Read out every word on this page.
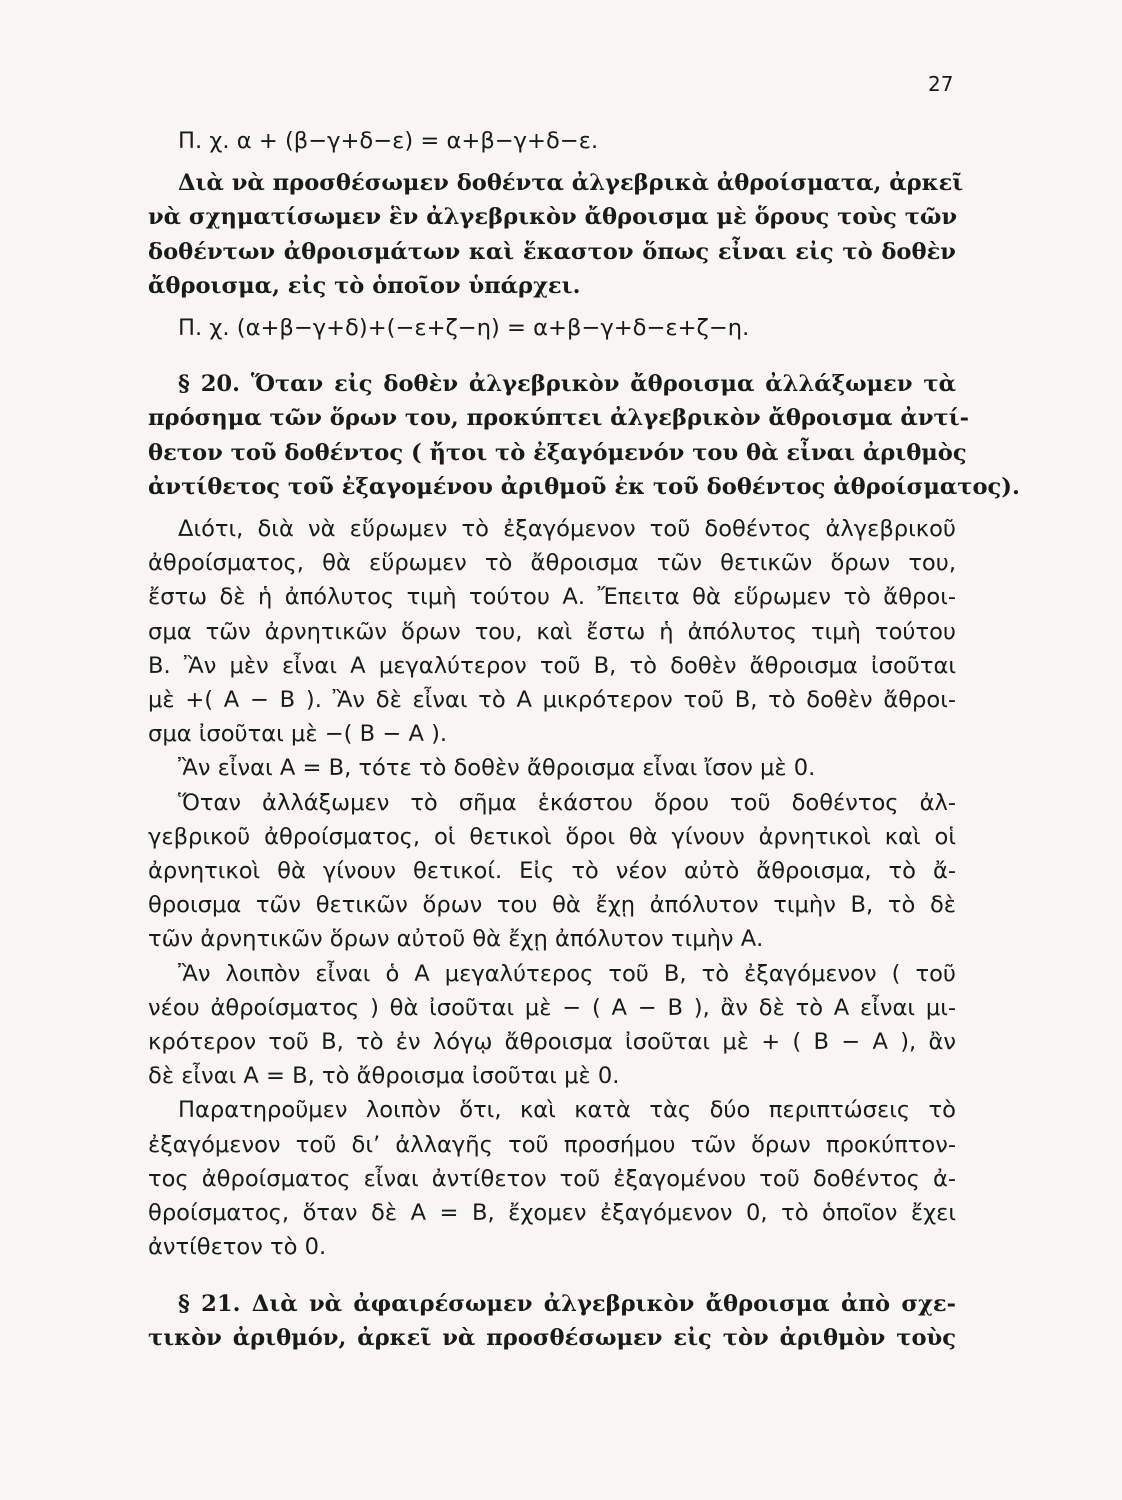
27
Π. χ. α + (β−γ+δ−ε) = α+β−γ+δ−ε.
Διὰ νὰ προσθέσωμεν δοθέντα ἀλγεβρικὰ ἀθροίσματα, ἀρκεῖ
νὰ σχηματίσωμεν ἓν ἀλγεβρικὸν ἄθροισμα μὲ ὅρους τοὺς τῶν
δοθέντων ἀθροισμάτων καὶ ἕκαστον ὅπως εἶναι εἰς τὸ δοθὲν
ἄθροισμα, εἰς τὸ ὁποῖον ὑπάρχει.
Π. χ. (α+β−γ+δ)+(−ε+ζ−η) = α+β−γ+δ−ε+ζ−η.
§ 20. Ὅταν εἰς δοθὲν ἀλγεβρικὸν ἄθροισμα ἀλλάξωμεν τὰ
πρόσημα τῶν ὅρων του, προκύπτει ἀλγεβρικὸν ἄθροισμα ἀντί-
θετον τοῦ δοθέντος ( ἤτοι τὸ ἐξαγόμενόν του θὰ εἶναι ἀριθμὸς
ἀντίθετος τοῦ ἐξαγομένου ἀριθμοῦ ἐκ τοῦ δοθέντος ἀθροίσματος).
Διότι, διὰ νὰ εὕρωμεν τὸ ἐξαγόμενον τοῦ δοθέντος ἀλγεβρικοῦ
ἀθροίσματος, θὰ εὕρωμεν τὸ ἄθροισμα τῶν θετικῶν ὅρων του,
ἔστω δὲ ἡ ἀπόλυτος τιμὴ τούτου Α. Ἔπειτα θὰ εὕρωμεν τὸ ἄθροι-
σμα τῶν ἀρνητικῶν ὅρων του, καὶ ἔστω ἡ ἀπόλυτος τιμὴ τούτου
Β. Ἂν μὲν εἶναι Α μεγαλύτερον τοῦ Β, τὸ δοθὲν ἄθροισμα ἰσοῦται
μὲ +( Α − Β ). Ἂν δὲ εἶναι τὸ Α μικρότερον τοῦ Β, τὸ δοθὲν ἄθροι-
σμα ἰσοῦται μὲ −( Β − Α ).
Ἂν εἶναι Α = Β, τότε τὸ δοθὲν ἄθροισμα εἶναι ἴσον μὲ 0.
Ὅταν ἀλλάξωμεν τὸ σῆμα ἑκάστου ὅρου τοῦ δοθέντος ἀλ-
γεβρικοῦ ἀθροίσματος, οἱ θετικοὶ ὅροι θὰ γίνουν ἀρνητικοὶ καὶ οἱ
ἀρνητικοὶ θὰ γίνουν θετικοί. Εἰς τὸ νέον αὐτὸ ἄθροισμα, τὸ ἄ-
θροισμα τῶν θετικῶν ὅρων του θὰ ἔχῃ ἀπόλυτον τιμὴν Β, τὸ δὲ
τῶν ἀρνητικῶν ὅρων αὐτοῦ θὰ ἔχῃ ἀπόλυτον τιμὴν Α.
Ἂν λοιπὸν εἶναι ὁ Α μεγαλύτερος τοῦ Β, τὸ ἐξαγόμενον ( τοῦ
νέου ἀθροίσματος ) θὰ ἰσοῦται μὲ − ( Α − Β ), ἂν δὲ τὸ Α εἶναι μι-
κρότερον τοῦ Β, τὸ ἐν λόγῳ ἄθροισμα ἰσοῦται μὲ + ( Β − Α ), ἂν
δὲ εἶναι Α = Β, τὸ ἄθροισμα ἰσοῦται μὲ 0.
Παρατηροῦμεν λοιπὸν ὅτι, καὶ κατὰ τὰς δύο περιπτώσεις τὸ
ἐξαγόμενον τοῦ δι’ ἀλλαγῆς τοῦ προσήμου τῶν ὅρων προκύπτον-
τος ἀθροίσματος εἶναι ἀντίθετον τοῦ ἐξαγομένου τοῦ δοθέντος ἀ-
θροίσματος, ὅταν δὲ Α = Β, ἔχομεν ἐξαγόμενον 0, τὸ ὁποῖον ἔχει
ἀντίθετον τὸ 0.
§ 21. Διὰ νὰ ἀφαιρέσωμεν ἀλγεβρικὸν ἄθροισμα ἀπὸ σχε-
τικὸν ἀριθμόν, ἀρκεῖ νὰ προσθέσωμεν εἰς τὸν ἀριθμὸν τοὺς
